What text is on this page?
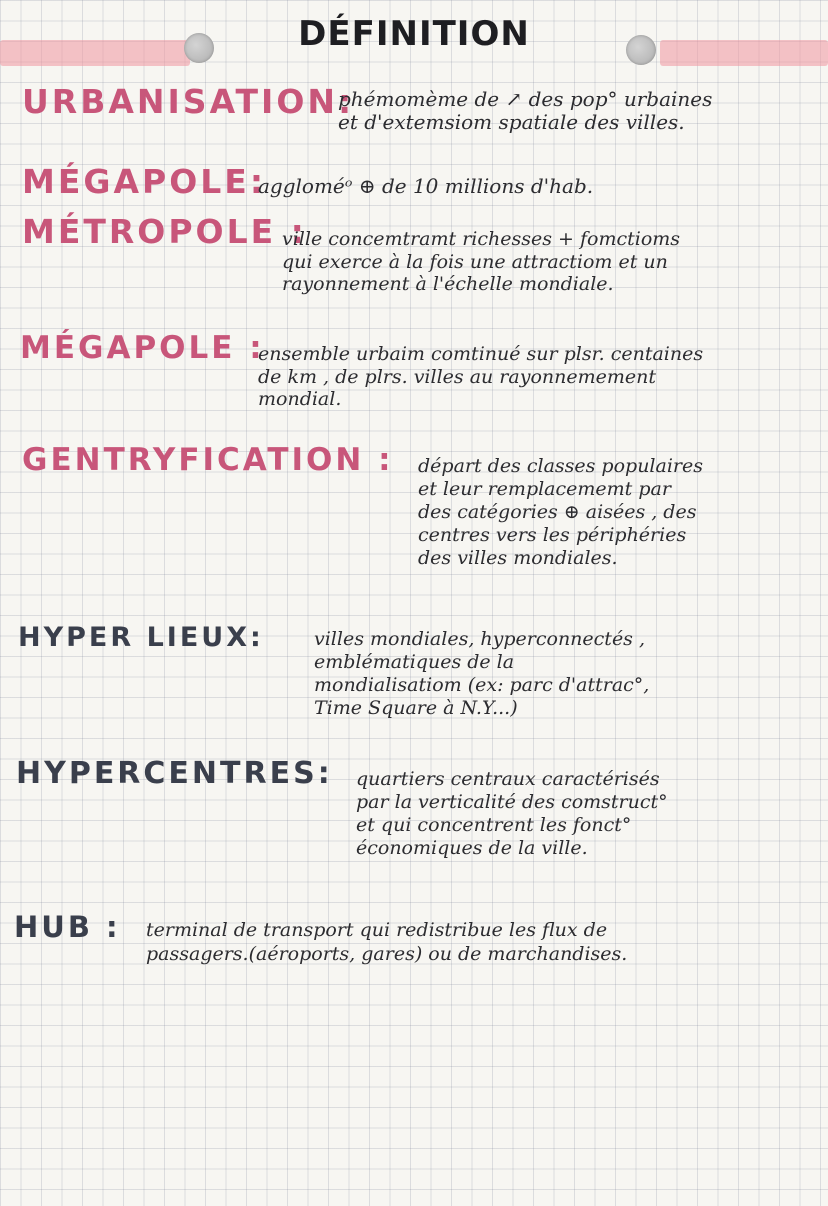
DÉFINITION
URBANISATION:
phémomème de ↗ des pop° urbaines
et d'extemsiom spatiale des villes.
MÉGAPOLE:
aggloméᵒ ⊕ de 10 millions d'hab.
MÉTROPOLE :
ville concemtramt richesses + fomctioms
qui exerce à la fois une attractiom et un
rayonnement à l'échelle mondiale.
MÉGAPOLE :
ensemble urbaim comtinué sur plsr. centaines
de km , de plrs. villes au rayonnemement
mondial.
GENTRYFICATION : départ des classes populaires
et leur remplacememt par
des catégories ⊕ aisées , des
centres vers les périphéries
des villes mondiales.
HYPER LIEUX:	villes mondiales, hyperconnectés ,
emblématiques de la
mondialisatiom (ex: parc d'attrac°,
Time Square à N.Y...)
HYPERCENTRES: quartiers centraux caractérisés
par la verticalité des comstruct°
et qui concentrent les fonct°
économiques de la ville.
HUB : terminal de transport qui redistribue les flux de
passagers.(aéroports, gares) ou de marchandises.
